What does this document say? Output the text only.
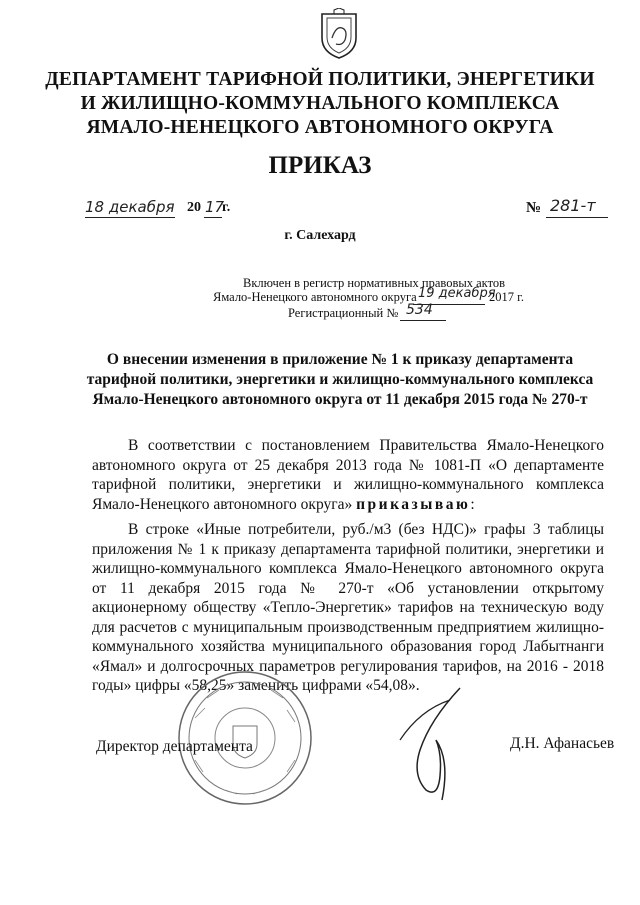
ДЕПАРТАМЕНТ ТАРИФНОЙ ПОЛИТИКИ, ЭНЕРГЕТИКИ
И ЖИЛИЩНО-КОММУНАЛЬНОГО КОМПЛЕКСА
ЯМАЛО-НЕНЕЦКОГО АВТОНОМНОГО ОКРУГА
ПРИКАЗ
18 декабря 20 17
г.	№ 281-т
г. Салехард
Включен в регистр нормативных правовых актов
Ямало-Ненецкого автономного округа 19 декабря
2017 г.
Регистрационный № 534
О внесении изменения в приложение № 1 к приказу департамента
тарифной политики, энергетики и жилищно-коммунального комплекса
Ямало-Ненецкого автономного округа от 11 декабря 2015 года № 270-т
В соответствии с постановлением Правительства Ямало-Ненецкого автономного округа от 25 декабря 2013 года № 1081-П «О департаменте тарифной политики, энергетики и жилищно-коммунального комплекса Ямало-Ненецкого автономного округа» приказываю:
В строке «Иные потребители, руб./м3 (без НДС)» графы 3 таблицы приложения № 1 к приказу департамента тарифной политики, энергетики и жилищно-коммунального комплекса Ямало-Ненецкого автономного округа от 11 декабря 2015 года № 270-т «Об установлении открытому акционерному обществу «Тепло-Энергетик» тарифов на техническую воду для расчетов с муниципальным производственным предприятием жилищно-коммунального хозяйства муниципального образования город Лабытнанги «Ямал» и долгосрочных параметров регулирования тарифов, на 2016 - 2018 годы» цифры «58,25» заменить цифрами «54,08».
Директор департамента	Д.Н. Афанасьев
